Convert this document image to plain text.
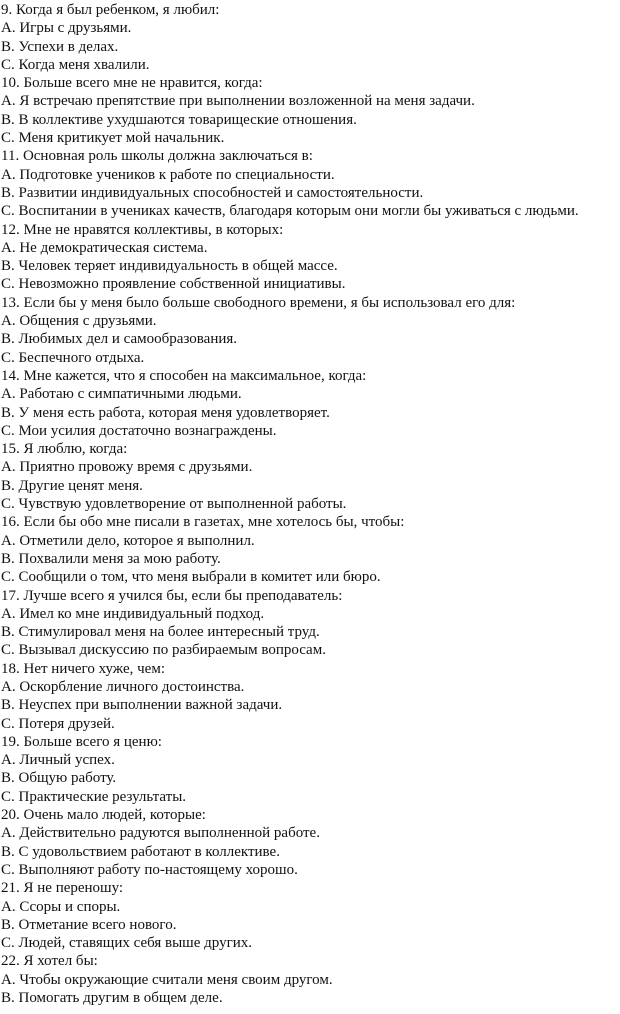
9. Когда я был ребенком, я любил:

A. Игры с друзьями.

B. Успехи в делах.

C. Когда меня хвалили.

10. Больше всего мне не нравится, когда:

A. Я встречаю препятствие при выполнении возложенной на меня задачи.

B. В коллективе ухудшаются товарищеские отношения.

C. Меня критикует мой начальник.

11. Основная роль школы должна заключаться в:

A. Подготовке учеников к работе по специальности.

B. Развитии индивидуальных способностей и самостоятельности.

C. Воспитании в учениках качеств, благодаря которым они могли бы уживаться с людьми.

12. Мне не нравятся коллективы, в которых:

A. Не демократическая система.

B. Человек теряет индивидуальность в общей массе.

C. Невозможно проявление собственной инициативы.

13. Если бы у меня было больше свободного времени, я бы использовал его для:

A. Общения с друзьями.

B. Любимых дел и самообразования.

C. Беспечного отдыха.

14. Мне кажется, что я способен на максимальное, когда:

A. Работаю с симпатичными людьми.

B. У меня есть работа, которая меня удовлетворяет.

C. Мои усилия достаточно вознаграждены.

15. Я люблю, когда:

A. Приятно провожу время с друзьями.

B. Другие ценят меня.

C. Чувствую удовлетворение от выполненной работы.

16. Если бы обо мне писали в газетах, мне хотелось бы, чтобы:

A. Отметили дело, которое я выполнил.

B. Похвалили меня за мою работу.

C. Сообщили о том, что меня выбрали в комитет или бюро.

17. Лучше всего я учился бы, если бы преподаватель:

A. Имел ко мне индивидуальный подход.

B. Стимулировал меня на более интересный труд.

C. Вызывал дискуссию по разбираемым вопросам.

18. Нет ничего хуже, чем:

A. Оскорбление личного достоинства.

B. Неуспех при выполнении важной задачи.

C. Потеря друзей.

19. Больше всего я ценю:

A. Личный успех.

B. Общую работу.

C. Практические результаты.

20. Очень мало людей, которые:

A. Действительно радуются выполненной работе.

B. С удовольствием работают в коллективе.

C. Выполняют работу по-настоящему хорошо.

21. Я не переношу:

A. Ссоры и споры.

B. Отметание всего нового.

C. Людей, ставящих себя выше других.

22. Я хотел бы:

A. Чтобы окружающие считали меня своим другом.

B. Помогать другим в общем деле.
